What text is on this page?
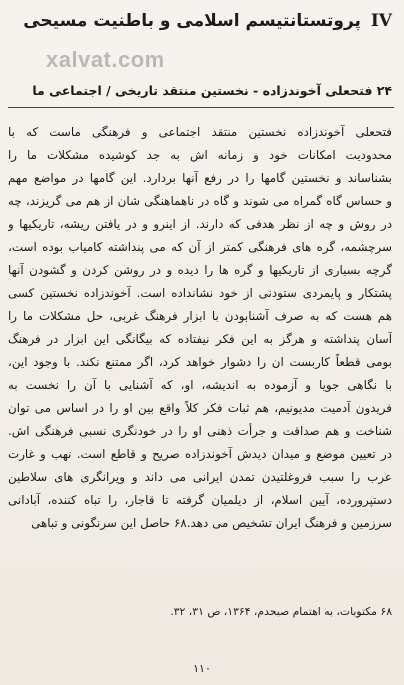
IV پروتستانتیسم اسلامی و باطنیت مسیحی
xalvat.com
۲۴ فتحعلی آخوندزاده - نخستین منتقد تاریخی / اجتماعی ما
فتحعلی آخوندزاده نخستین منتقد اجتماعی و فرهنگی ماست که با
محدودیت امکانات خود و زمانه اش به جد کوشیده مشکلات ما را
بشناساند و نخستین گامها را در رفع آنها بردارد. این گامها در مواضع مهم
و حساس گاه گمراه می شوند و گاه در ناهماهنگی شان از هم می گریزند، چه
در روش و چه از نظر هدفی که دارند. از اینرو و در یافتن ریشه، تاریکیها و
سرچشمه، گره های فرهنگی کمتر از آن که می پنداشته کامیاب بوده است،
گرچه بسیاری از تاریکیها و گره ها را دیده و در روشن کردن و گشودن آنها
پشتکار و پایمردی ستودنی از خود نشانداده است. آخوندزاده نخستین کسی
هم هست که به صرف آشنابودن با ابزار فرهنگ غربی، حل مشکلات ما را
آسان پنداشته و هرگز به این فکر نیفتاده که بیگانگی این ابزار در فرهنگ
بومی قطعاً کاربست ان را دشوار خواهد کرد، اگر ممتنع نکند. با وجود این،
با نگاهی جویا و آزموده به اندیشه، او، که آشنایی با آن را نخست به
فریدون آدمیت مدیونیم، هم ثبات فکر کلاً واقع بین او را در اساس می توان
شناخت و هم صداقت و جرأت ذهنی او را در خودنگری نسبی فرهنگی اش.
در تعیین موضع و میدان دیدش آخوندزاده صریح و قاطع است. نهب و غارت
عرب را سبب فروغلتیدن تمدن ایرانی می داند و ویرانگری های سلاطین
دستپرورده، آیین اسلام، از دیلمیان گرفته تا قاجار، را تباه کننده، آبادانی
سرزمین و فرهنگ ایران تشخیص می دهد.۶۸ حاصل این سرنگونی و تباهی
۶۸ مکتوبات، به اهتمام صبحدم، ۱۳۶۴، ص ۳۱، ۳۲.
۱۱۰
